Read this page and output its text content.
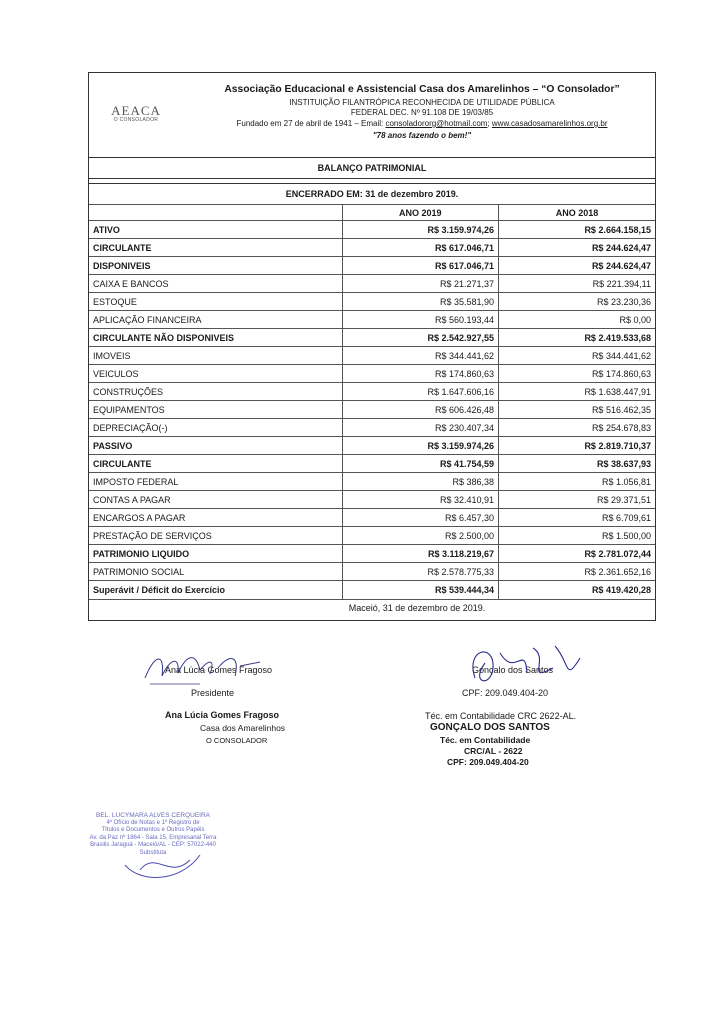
AEACA
O CONSOLADOR
Associação Educacional e Assistencial Casa dos Amarelinhos – “O Consolador”
INSTITUIÇÃO FILANTRÓPICA RECONHECIDA DE UTILIDADE PÚBLICA
FEDERAL DEC. Nº 91.108 DE 19/03/85
Fundado em 27 de abril de 1941 – Email: consoladororg@hotmail.com; www.casadosamarelinhos.org.br
"78 anos fazendo o bem!"
BALANÇO PATRIMONIAL
ENCERRADO EM: 31 de dezembro 2019.
	ANO 2019	ANO 2018
ATIVO	R$ 3.159.974,26	R$ 2.664.158,15
CIRCULANTE	R$ 617.046,71	R$ 244.624,47
DISPONIVEIS	R$ 617.046,71	R$ 244.624,47
CAIXA E BANCOS	R$ 21.271,37	R$ 221.394,11
ESTOQUE	R$ 35.581,90	R$ 23.230,36
APLICAÇÃO FINANCEIRA	R$ 560.193,44	R$ 0,00
CIRCULANTE NÃO DISPONIVEIS	R$ 2.542.927,55	R$ 2.419.533,68
IMOVEIS	R$ 344.441,62	R$ 344.441,62
VEICULOS	R$ 174.860,63	R$ 174.860,63
CONSTRUÇÕES	R$ 1.647.606,16	R$ 1.638.447,91
EQUIPAMENTOS	R$ 606.426,48	R$ 516.462,35
DEPRECIAÇÃO(-)	R$ 230.407,34	R$ 254.678,83
PASSIVO	R$ 3.159.974,26	R$ 2.819.710,37
CIRCULANTE	R$ 41.754,59	R$ 38.637,93
IMPOSTO FEDERAL	R$ 386,38	R$ 1.056,81
CONTAS A PAGAR	R$ 32.410,91	R$ 29.371,51
ENCARGOS A PAGAR	R$ 6.457,30	R$ 6.709,61
PRESTAÇÃO DE SERVIÇOS	R$ 2.500,00	R$ 1.500,00
PATRIMONIO LIQUIDO	R$ 3.118.219,67	R$ 2.781.072,44
PATRIMONIO SOCIAL	R$ 2.578.775,33	R$ 2.361.652,16
Superávit / Déficit do Exercício	R$ 539.444,34	R$ 419.420,28
Maceió, 31 de dezembro de 2019.
Ana Lúcia Gomes Fragoso
Presidente
Gonçalo dos Santos
CPF: 209.049.404-20
Téc. em Contabilidade CRC 2622-AL.
Ana Lúcia Gomes Fragoso
Casa dos Amarelinhos
O CONSOLADOR
GONÇALO DOS SANTOS
Téc. em Contabilidade
CRC/AL - 2622
CPF: 209.049.404-20
BEL. LUCYMARA ALVES CERQUEIRA
4º Ofício de Notas e 1º Registro de
Títulos e Documentos e Outros Papéis
Av. da Paz nº 1864 - Sala 15, Empresarial Terra
Brasilis Jaraguá - Maceió/AL - CEP: 57022-440
Substituta
